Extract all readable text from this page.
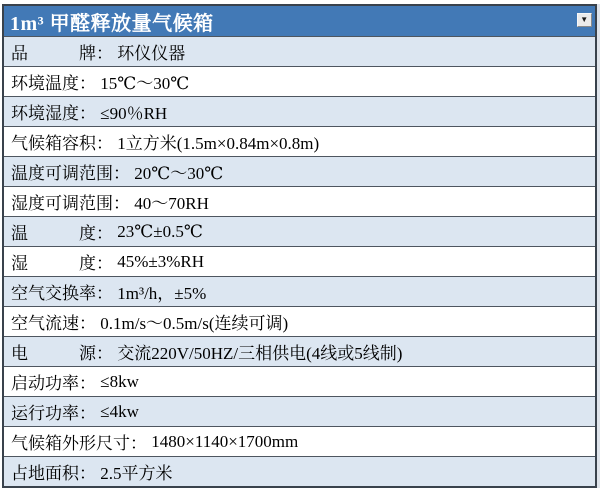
1m³ 甲醛释放量气候箱	▼
品　　　牌 ： 环仪仪器
环境温度 ： 15℃～30℃
环境湿度 ： ≤90％RH
气候箱容积 ： 1立方米(1.5m×0.84m×0.8m)
温度可调范围 ： 20℃～30℃
湿度可调范围 ： 40～70RH
温　　　度 ： 23℃±0.5℃
湿　　　度 ： 45%±3%RH
空气交换率 ： 1m³/h，±5%
空气流速 ： 0.1m/s～0.5m/s(连续可调)
电　　　源 ： 交流220V/50HZ/三相供电(4线或5线制)
启动功率 ： ≤8kw
运行功率 ： ≤4kw
气候箱外形尺寸 ： 1480×1140×1700mm
占地面积 ： 2.5平方米
